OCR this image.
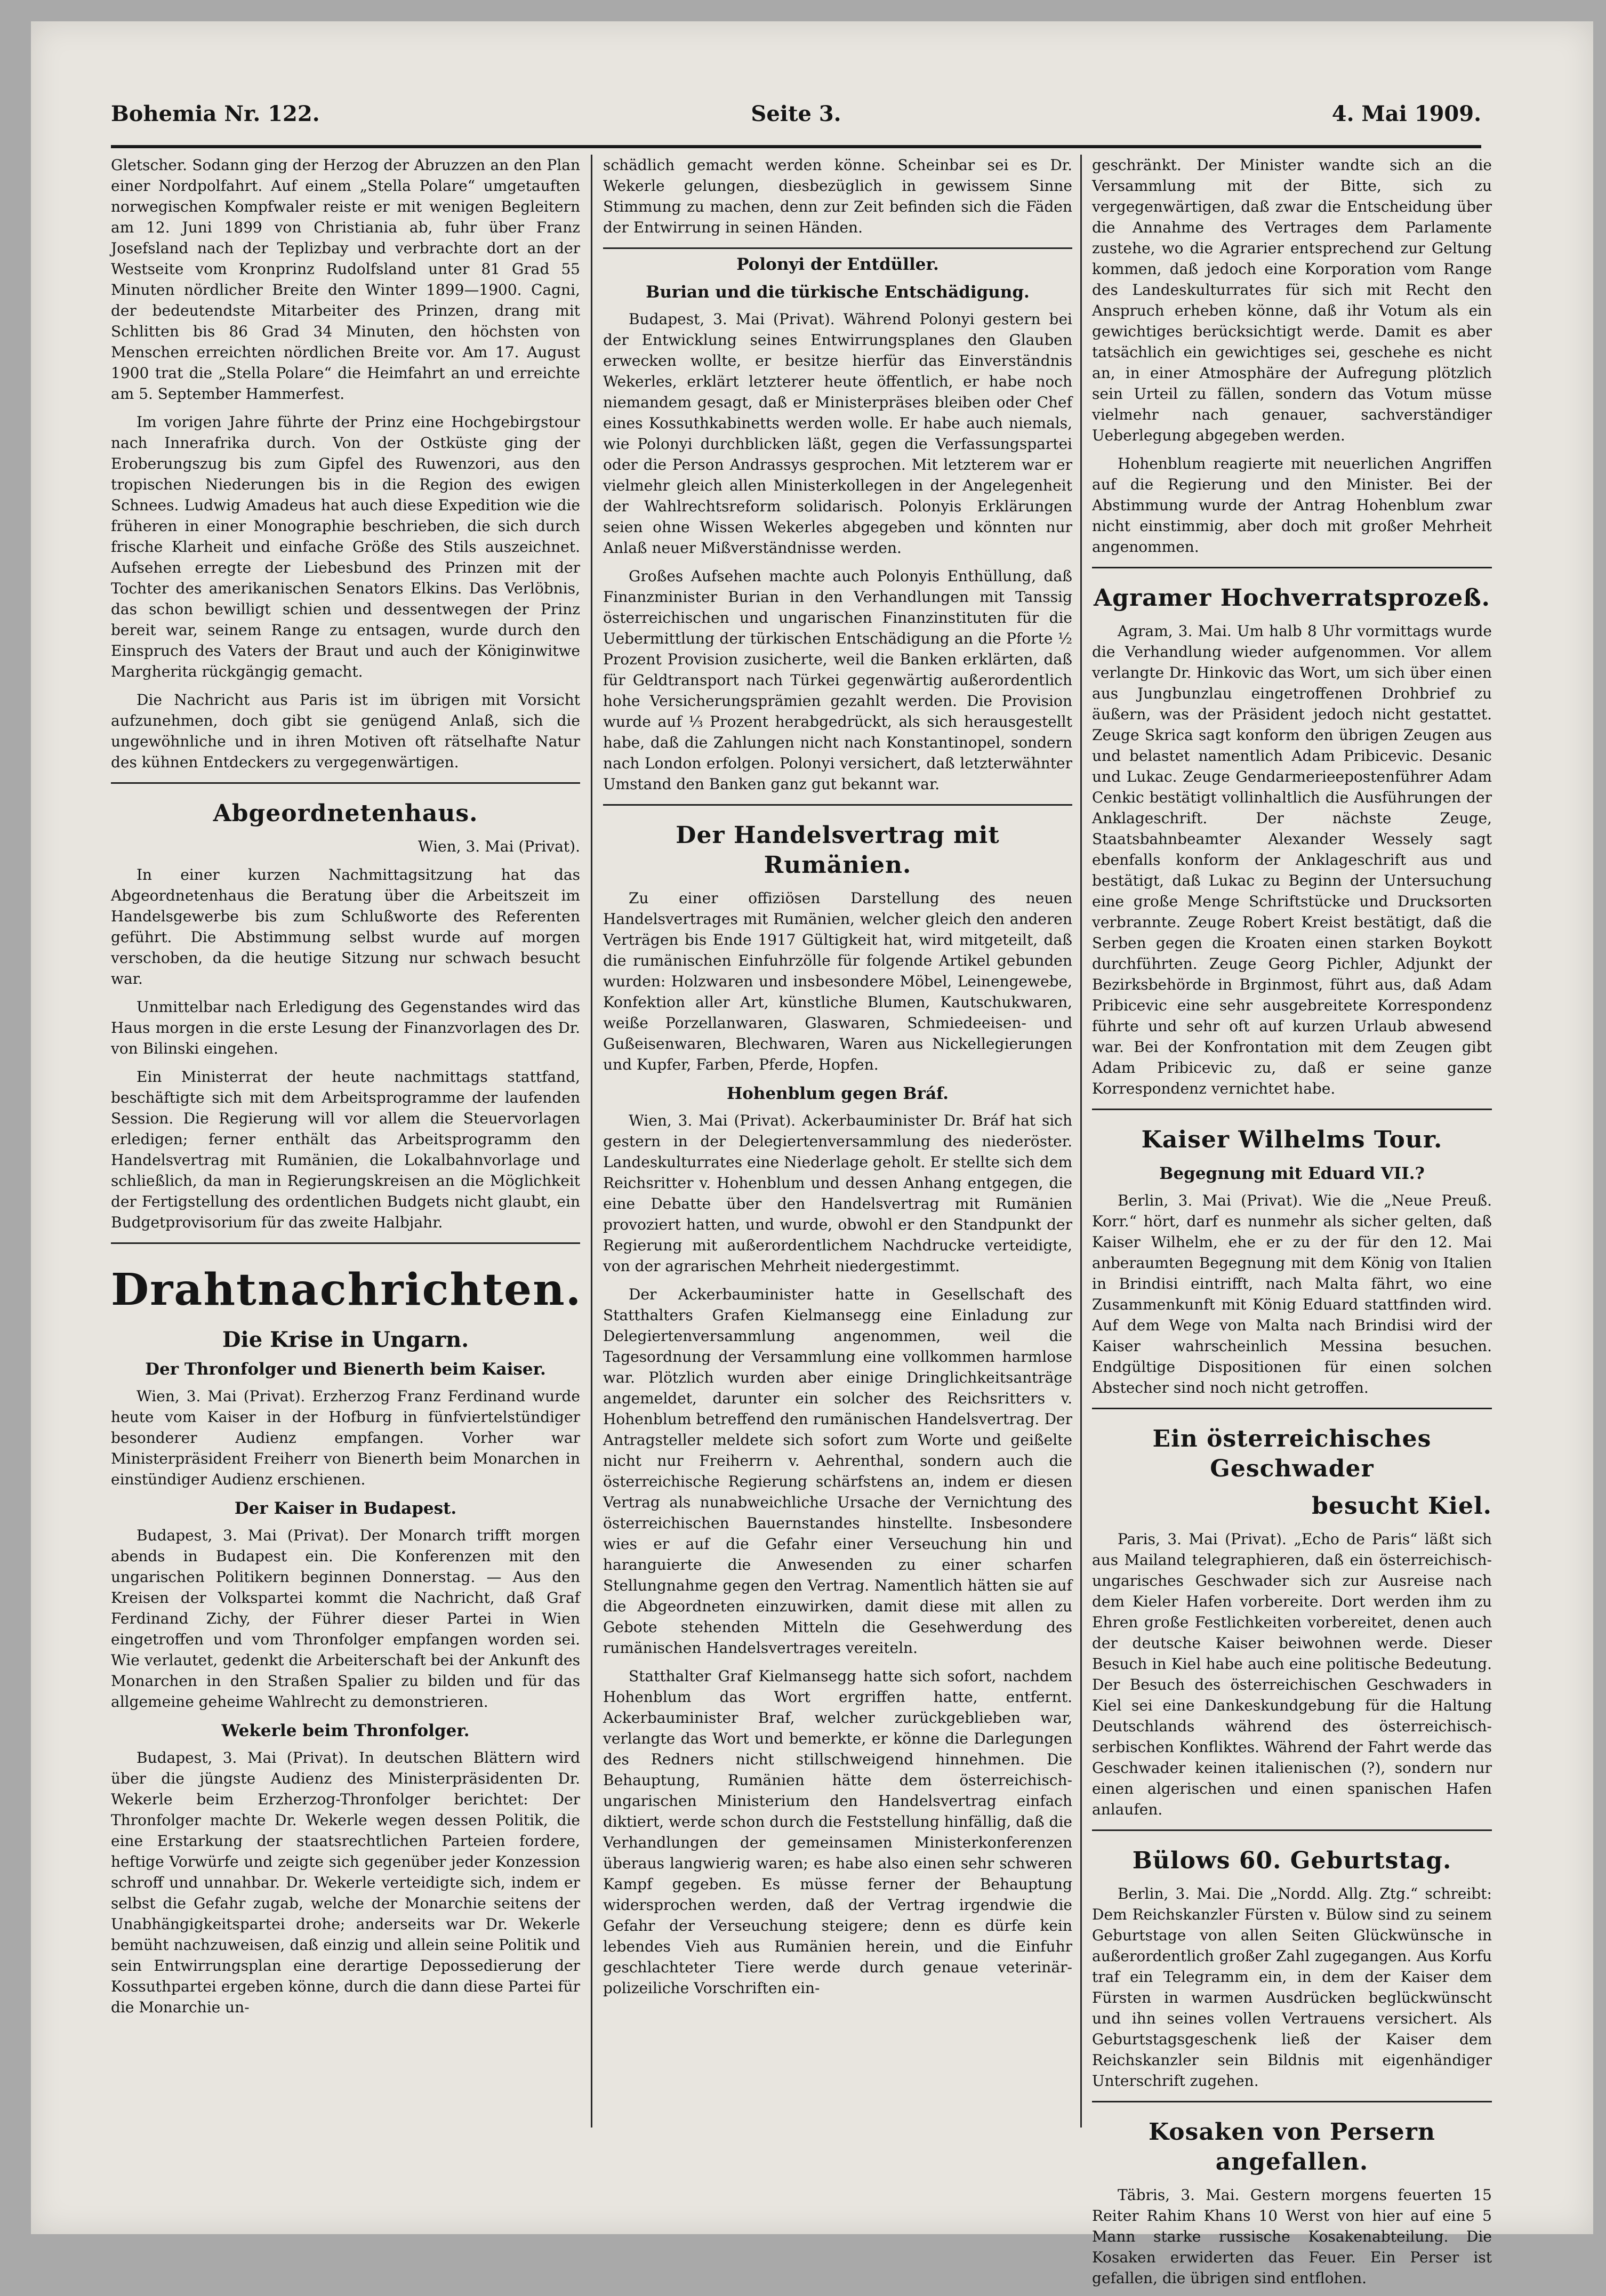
Bohemia Nr. 122.	Seite 3.	4. Mai 1909.

Gletscher. Sodann ging der Herzog der Abruzzen an den Plan einer Nordpolfahrt. Auf einem „Stella Polare“ umgetauften norwegischen Kompfwaler reiste er mit wenigen Begleitern am 12. Juni 1899 von Christiania ab, fuhr über Franz Josefsland nach der Teplizbay und verbrachte dort an der Westseite vom Kronprinz Rudolfsland unter 81 Grad 55 Minuten nördlicher Breite den Winter 1899—1900. Cagni, der bedeutendste Mitarbeiter des Prinzen, drang mit Schlitten bis 86 Grad 34 Minuten, den höchsten von Menschen erreichten nördlichen Breite vor. Am 17. August 1900 trat die „Stella Polare“ die Heimfahrt an und erreichte am 5. September Hammerfest.

Im vorigen Jahre führte der Prinz eine Hochgebirgstour nach Innerafrika durch. Von der Ostküste ging der Eroberungszug bis zum Gipfel des Ruwenzori, aus den tropischen Niederungen bis in die Region des ewigen Schnees. Ludwig Amadeus hat auch diese Expedition wie die früheren in einer Monographie beschrieben, die sich durch frische Klarheit und einfache Größe des Stils auszeichnet. Aufsehen erregte der Liebesbund des Prinzen mit der Tochter des amerikanischen Senators Elkins. Das Verlöbnis, das schon bewilligt schien und dessentwegen der Prinz bereit war, seinem Range zu entsagen, wurde durch den Einspruch des Vaters der Braut und auch der Königinwitwe Margherita rückgängig gemacht.

Die Nachricht aus Paris ist im übrigen mit Vorsicht aufzunehmen, doch gibt sie genügend Anlaß, sich die ungewöhnliche und in ihren Motiven oft rätselhafte Natur des kühnen Entdeckers zu vergegenwärtigen.

Abgeordnetenhaus.

Wien, 3. Mai (Privat).

In einer kurzen Nachmittagsitzung hat das Abgeordnetenhaus die Beratung über die Arbeitszeit im Handelsgewerbe bis zum Schlußworte des Referenten geführt. Die Abstimmung selbst wurde auf morgen verschoben, da die heutige Sitzung nur schwach besucht war.

Unmittelbar nach Erledigung des Gegenstandes wird das Haus morgen in die erste Lesung der Finanzvorlagen des Dr. von Bilinski eingehen.

Ein Ministerrat der heute nachmittags stattfand, beschäftigte sich mit dem Arbeitsprogramme der laufenden Session. Die Regierung will vor allem die Steuervorlagen erledigen; ferner enthält das Arbeitsprogramm den Handelsvertrag mit Rumänien, die Lokalbahnvorlage und schließlich, da man in Regierungskreisen an die Möglichkeit der Fertigstellung des ordentlichen Budgets nicht glaubt, ein Budgetprovisorium für das zweite Halbjahr.

Drahtnachrichten.
Die Krise in Ungarn.
Der Thronfolger und Bienerth beim Kaiser.

Wien, 3. Mai (Privat). Erzherzog Franz Ferdinand wurde heute vom Kaiser in der Hofburg in fünfviertelstündiger besonderer Audienz empfangen. Vorher war Ministerpräsident Freiherr von Bienerth beim Monarchen in einstündiger Audienz erschienen.

Der Kaiser in Budapest.

Budapest, 3. Mai (Privat). Der Monarch trifft morgen abends in Budapest ein. Die Konferenzen mit den ungarischen Politikern beginnen Donnerstag. — Aus den Kreisen der Volkspartei kommt die Nachricht, daß Graf Ferdinand Zichy, der Führer dieser Partei in Wien eingetroffen und vom Thronfolger empfangen worden sei. Wie verlautet, gedenkt die Arbeiterschaft bei der Ankunft des Monarchen in den Straßen Spalier zu bilden und für das allgemeine geheime Wahlrecht zu demonstrieren.

Wekerle beim Thronfolger.

Budapest, 3. Mai (Privat). In deutschen Blättern wird über die jüngste Audienz des Ministerpräsidenten Dr. Wekerle beim Erzherzog-Thronfolger berichtet: Der Thronfolger machte Dr. Wekerle wegen dessen Politik, die eine Erstarkung der staatsrechtlichen Parteien fordere, heftige Vorwürfe und zeigte sich gegenüber jeder Konzession schroff und unnahbar. Dr. Wekerle verteidigte sich, indem er selbst die Gefahr zugab, welche der Monarchie seitens der Unabhängigkeitspartei drohe; anderseits war Dr. Wekerle bemüht nachzuweisen, daß einzig und allein seine Politik und sein Entwirrungsplan eine derartige Depossedierung der Kossuthpartei ergeben könne, durch die dann diese Partei für die Monarchie un-

schädlich gemacht werden könne. Scheinbar sei es Dr. Wekerle gelungen, diesbezüglich in gewissem Sinne Stimmung zu machen, denn zur Zeit befinden sich die Fäden der Entwirrung in seinen Händen.

Polonyi der Entdüller.
Burian und die türkische Entschädigung.

Budapest, 3. Mai (Privat). Während Polonyi gestern bei der Entwicklung seines Entwirrungsplanes den Glauben erwecken wollte, er besitze hierfür das Einverständnis Wekerles, erklärt letzterer heute öffentlich, er habe noch niemandem gesagt, daß er Ministerpräses bleiben oder Chef eines Kossuthkabinetts werden wolle. Er habe auch niemals, wie Polonyi durchblicken läßt, gegen die Verfassungspartei oder die Person Andrassys gesprochen. Mit letzterem war er vielmehr gleich allen Ministerkollegen in der Angelegenheit der Wahlrechtsreform solidarisch. Polonyis Erklärungen seien ohne Wissen Wekerles abgegeben und könnten nur Anlaß neuer Mißverständnisse werden.

Großes Aufsehen machte auch Polonyis Enthüllung, daß Finanzminister Burian in den Verhandlungen mit Tanssig österreichischen und ungarischen Finanzinstituten für die Uebermittlung der türkischen Entschädigung an die Pforte ½ Prozent Provision zusicherte, weil die Banken erklärten, daß für Geldtransport nach Türkei gegenwärtig außerordentlich hohe Versicherungsprämien gezahlt werden. Die Provision wurde auf ⅓ Prozent herabgedrückt, als sich herausgestellt habe, daß die Zahlungen nicht nach Konstantinopel, sondern nach London erfolgen. Polonyi versichert, daß letzterwähnter Umstand den Banken ganz gut bekannt war.

Der Handelsvertrag mit Rumänien.

Zu einer offiziösen Darstellung des neuen Handelsvertrages mit Rumänien, welcher gleich den anderen Verträgen bis Ende 1917 Gültigkeit hat, wird mitgeteilt, daß die rumänischen Einfuhrzölle für folgende Artikel gebunden wurden: Holzwaren und insbesondere Möbel, Leinengewebe, Konfektion aller Art, künstliche Blumen, Kautschukwaren, weiße Porzellanwaren, Glaswaren, Schmiedeeisen- und Gußeisenwaren, Blechwaren, Waren aus Nickellegierungen und Kupfer, Farben, Pferde, Hopfen.

Hohenblum gegen Bráf.

Wien, 3. Mai (Privat). Ackerbauminister Dr. Bráf hat sich gestern in der Delegiertenversammlung des niederöster. Landeskulturrates eine Niederlage geholt. Er stellte sich dem Reichsritter v. Hohenblum und dessen Anhang entgegen, die eine Debatte über den Handelsvertrag mit Rumänien provoziert hatten, und wurde, obwohl er den Standpunkt der Regierung mit außerordentlichem Nachdrucke verteidigte, von der agrarischen Mehrheit niedergestimmt.

Der Ackerbauminister hatte in Gesellschaft des Statthalters Grafen Kielmansegg eine Einladung zur Delegiertenversammlung angenommen, weil die Tagesordnung der Versammlung eine vollkommen harmlose war. Plötzlich wurden aber einige Dringlichkeitsanträge angemeldet, darunter ein solcher des Reichsritters v. Hohenblum betreffend den rumänischen Handelsvertrag. Der Antragsteller meldete sich sofort zum Worte und geißelte nicht nur Freiherrn v. Aehrenthal, sondern auch die österreichische Regierung schärfstens an, indem er diesen Vertrag als nunabweichliche Ursache der Vernichtung des österreichischen Bauernstandes hinstellte. Insbesondere wies er auf die Gefahr einer Verseuchung hin und haranguierte die Anwesenden zu einer scharfen Stellungnahme gegen den Vertrag. Namentlich hätten sie auf die Abgeordneten einzuwirken, damit diese mit allen zu Gebote stehenden Mitteln die Gesehwerdung des rumänischen Handelsvertrages vereiteln.

Statthalter Graf Kielmansegg hatte sich sofort, nachdem Hohenblum das Wort ergriffen hatte, entfernt. Ackerbauminister Braf, welcher zurückgeblieben war, verlangte das Wort und bemerkte, er könne die Darlegungen des Redners nicht stillschweigend hinnehmen. Die Behauptung, Rumänien hätte dem österreichisch-ungarischen Ministerium den Handelsvertrag einfach diktiert, werde schon durch die Feststellung hinfällig, daß die Verhandlungen der gemeinsamen Ministerkonferenzen überaus langwierig waren; es habe also einen sehr schweren Kampf gegeben. Es müsse ferner der Behauptung widersprochen werden, daß der Vertrag irgendwie die Gefahr der Verseuchung steigere; denn es dürfe kein lebendes Vieh aus Rumänien herein, und die Einfuhr geschlachteter Tiere werde durch genaue veterinär-polizeiliche Vorschriften ein-

geschränkt. Der Minister wandte sich an die Versammlung mit der Bitte, sich zu vergegenwärtigen, daß zwar die Entscheidung über die Annahme des Vertrages dem Parlamente zustehe, wo die Agrarier entsprechend zur Geltung kommen, daß jedoch eine Korporation vom Range des Landeskulturrates für sich mit Recht den Anspruch erheben könne, daß ihr Votum als ein gewichtiges berücksichtigt werde. Damit es aber tatsächlich ein gewichtiges sei, geschehe es nicht an, in einer Atmosphäre der Aufregung plötzlich sein Urteil zu fällen, sondern das Votum müsse vielmehr nach genauer, sachverständiger Ueberlegung abgegeben werden.

Hohenblum reagierte mit neuerlichen Angriffen auf die Regierung und den Minister. Bei der Abstimmung wurde der Antrag Hohenblum zwar nicht einstimmig, aber doch mit großer Mehrheit angenommen.

Agramer Hochverratsprozeß.

Agram, 3. Mai. Um halb 8 Uhr vormittags wurde die Verhandlung wieder aufgenommen. Vor allem verlangte Dr. Hinkovic das Wort, um sich über einen aus Jungbunzlau eingetroffenen Drohbrief zu äußern, was der Präsident jedoch nicht gestattet. Zeuge Skrica sagt konform den übrigen Zeugen aus und belastet namentlich Adam Pribicevic. Desanic und Lukac. Zeuge Gendarmerieepostenführer Adam Cenkic bestätigt vollinhaltlich die Ausführungen der Anklageschrift. Der nächste Zeuge, Staatsbahnbeamter Alexander Wessely sagt ebenfalls konform der Anklageschrift aus und bestätigt, daß Lukac zu Beginn der Untersuchung eine große Menge Schriftstücke und Drucksorten verbrannte. Zeuge Robert Kreist bestätigt, daß die Serben gegen die Kroaten einen starken Boykott durchführten. Zeuge Georg Pichler, Adjunkt der Bezirksbehörde in Brginmost, führt aus, daß Adam Pribicevic eine sehr ausgebreitete Korrespondenz führte und sehr oft auf kurzen Urlaub abwesend war. Bei der Konfrontation mit dem Zeugen gibt Adam Pribicevic zu, daß er seine ganze Korrespondenz vernichtet habe.

Kaiser Wilhelms Tour.
Begegnung mit Eduard VII.?

Berlin, 3. Mai (Privat). Wie die „Neue Preuß. Korr.“ hört, darf es nunmehr als sicher gelten, daß Kaiser Wilhelm, ehe er zu der für den 12. Mai anberaumten Begegnung mit dem König von Italien in Brindisi eintrifft, nach Malta fährt, wo eine Zusammenkunft mit König Eduard stattfinden wird. Auf dem Wege von Malta nach Brindisi wird der Kaiser wahrscheinlich Messina besuchen. Endgültige Dispositionen für einen solchen Abstecher sind noch nicht getroffen.

Ein österreichisches Geschwader
besucht Kiel.

Paris, 3. Mai (Privat). „Echo de Paris“ läßt sich aus Mailand telegraphieren, daß ein österreichisch-ungarisches Geschwader sich zur Ausreise nach dem Kieler Hafen vorbereite. Dort werden ihm zu Ehren große Festlichkeiten vorbereitet, denen auch der deutsche Kaiser beiwohnen werde. Dieser Besuch in Kiel habe auch eine politische Bedeutung. Der Besuch des österreichischen Geschwaders in Kiel sei eine Dankeskundgebung für die Haltung Deutschlands während des österreichisch-serbischen Konfliktes. Während der Fahrt werde das Geschwader keinen italienischen (?), sondern nur einen algerischen und einen spanischen Hafen anlaufen.

Bülows 60. Geburtstag.

Berlin, 3. Mai. Die „Nordd. Allg. Ztg.“ schreibt: Dem Reichskanzler Fürsten v. Bülow sind zu seinem Geburtstage von allen Seiten Glückwünsche in außerordentlich großer Zahl zugegangen. Aus Korfu traf ein Telegramm ein, in dem der Kaiser dem Fürsten in warmen Ausdrücken beglückwünscht und ihn seines vollen Vertrauens versichert. Als Geburtstagsgeschenk ließ der Kaiser dem Reichskanzler sein Bildnis mit eigenhändiger Unterschrift zugehen.

Kosaken von Persern angefallen.

Täbris, 3. Mai. Gestern morgens feuerten 15 Reiter Rahim Khans 10 Werst von hier auf eine 5 Mann starke russische Kosakenabteilung. Die Kosaken erwiderten das Feuer. Ein Perser ist gefallen, die übrigen sind entflohen.
